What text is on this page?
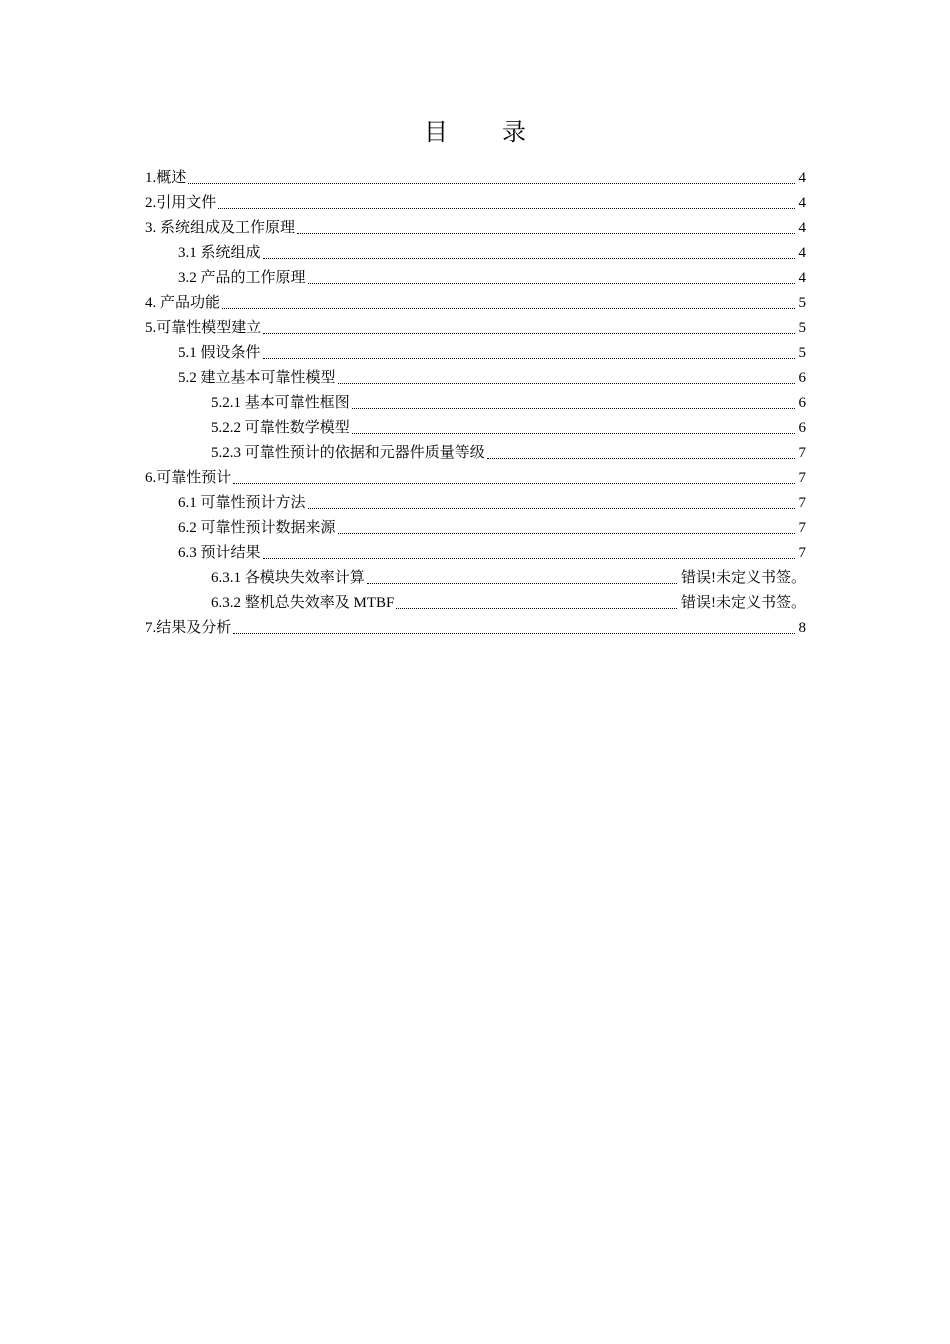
目 录
1.概述	4
2.引用文件	4
3. 系统组成及工作原理	4
3.1 系统组成	4
3.2 产品的工作原理	4
4. 产品功能	5
5.可靠性模型建立	5
5.1 假设条件	5
5.2 建立基本可靠性模型	6
5.2.1 基本可靠性框图	6
5.2.2 可靠性数学模型	6
5.2.3 可靠性预计的依据和元器件质量等级	7
6.可靠性预计	7
6.1 可靠性预计方法	7
6.2 可靠性预计数据来源	7
6.3 预计结果	7
6.3.1 各模块失效率计算	错误!未定义书签。
6.3.2 整机总失效率及 MTBF	错误!未定义书签。
7.结果及分析	8
